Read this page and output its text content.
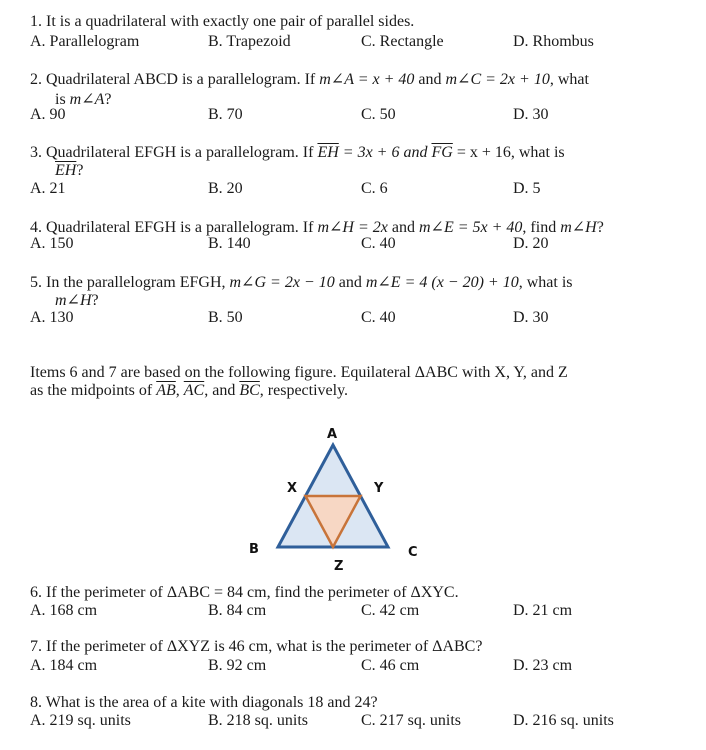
1. It is a quadrilateral with exactly one pair of parallel sides.
A. Parallelogram	B. Trapezoid	C. Rectangle	D. Rhombus
2. Quadrilateral ABCD is a parallelogram. If m∠A = x + 40 and m∠C = 2x + 10, what
is m∠A?
A. 90	B. 70	C. 50	D. 30
3. Quadrilateral EFGH is a parallelogram. If $\overline{EH} = 3x + 6$ and $\overline{FG} = x + 16$, what is
$\overline{EH}$?
A. 21	B. 20	C. 6	D. 5
4. Quadrilateral EFGH is a parallelogram. If m∠H = 2x and m∠E = 5x + 40, find m∠H?
A. 150	B. 140	C. 40	D. 20
5. In the parallelogram EFGH, m∠G = 2x − 10 and m∠E = 4 (x − 20) + 10, what is
m∠H?
A. 130	B. 50	C. 40	D. 30
Items 6 and 7 are based on the following figure. Equilateral ΔABC with X, Y, and Z
as the midpoints of $\overline{AB}$, $\overline{AC}$, and $\overline{BC}$, respectively.
A
B	C
X	Y
Z
6. If the perimeter of ΔABC = 84 cm, find the perimeter of ΔXYC.
A. 168 cm	B. 84 cm	C. 42 cm	D. 21 cm
7. If the perimeter of ΔXYZ is 46 cm, what is the perimeter of ΔABC?
A. 184 cm	B. 92 cm	C. 46 cm	D. 23 cm
8. What is the area of a kite with diagonals 18 and 24?
A. 219 sq. units	B. 218 sq. units	C. 217 sq. units	D. 216 sq. units
